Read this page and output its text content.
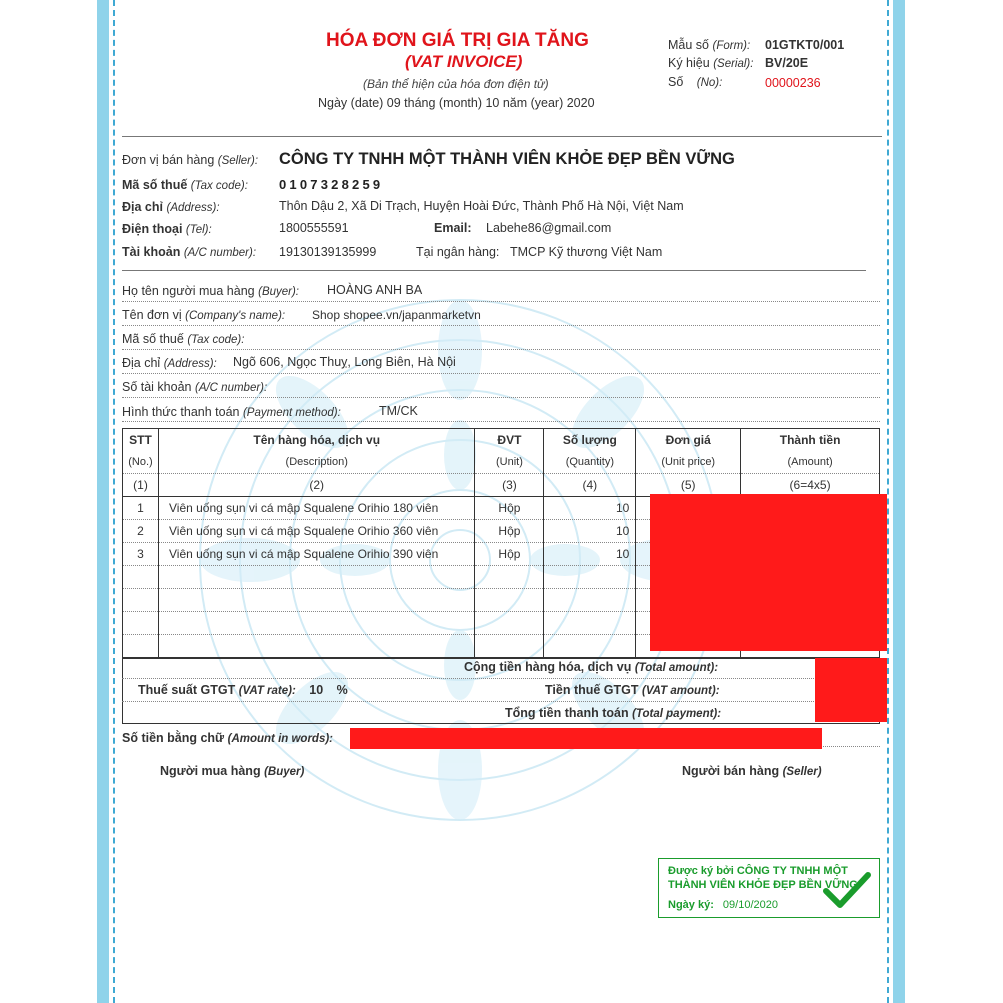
HÓA ĐƠN GIÁ TRỊ GIA TĂNG
(VAT INVOICE)
(Bản thể hiện của hóa đơn điện tử)
Ngày (date) 09 tháng (month) 10 năm (year) 2020
Mẫu số (Form): 01GTKT0/001
Ký hiệu (Serial): BV/20E
Số (No):	00000236
Đơn vị bán hàng (Seller): CÔNG TY TNHH MỘT THÀNH VIÊN KHỎE ĐẸP BỀN VỮNG
Mã số thuế (Tax code): 0107328259
Địa chỉ (Address):	Thôn Dậu 2, Xã Di Trạch, Huyện Hoài Đức, Thành Phố Hà Nội, Việt Nam
Điện thoại (Tel):	1800555591	Email: Labehe86@gmail.com
Tài khoản (A/C number): 19130139135999	Tại ngân hàng: TMCP Kỹ thương Việt Nam
Họ tên người mua hàng (Buyer): HOÀNG ANH BA
Tên đơn vị (Company's name): Shop shopee.vn/japanmarketvn
Mã số thuế (Tax code):
Địa chỉ (Address): Ngõ 606, Ngọc Thuỵ, Long Biên, Hà Nội
Số tài khoản (A/C number):
Hình thức thanh toán (Payment method):	TM/CK
STT	Tên hàng hóa, dịch vụ	ĐVT	Số lượng	Đơn giá	Thành tiền
(No.)	(Description)	(Unit)	(Quantity)	(Unit price)	(Amount)
(1)	(2)	(3)	(4)	(5)	(6=4x5)
1	Viên uống sụn vi cá mập Squalene Orihio 180 viên	Hộp	10		
2	Viên uống sụn vi cá mập Squalene Orihio 360 viên	Hộp	10		
3	Viên uống sụn vi cá mập Squalene Orihio 390 viên	Hộp	10		

Cộng tiền hàng hóa, dịch vụ (Total amount):
Thuế suất GTGT (VAT rate): 10 %	Tiền thuế GTGT (VAT amount):
Tổng tiền thanh toán (Total payment):
Số tiền bằng chữ (Amount in words):
Người mua hàng (Buyer)	Người bán hàng (Seller)
Được ký bởi CÔNG TY TNHH MỘT
THÀNH VIÊN KHỎE ĐẸP BỀN VỮNG
Ngày ký: 09/10/2020
